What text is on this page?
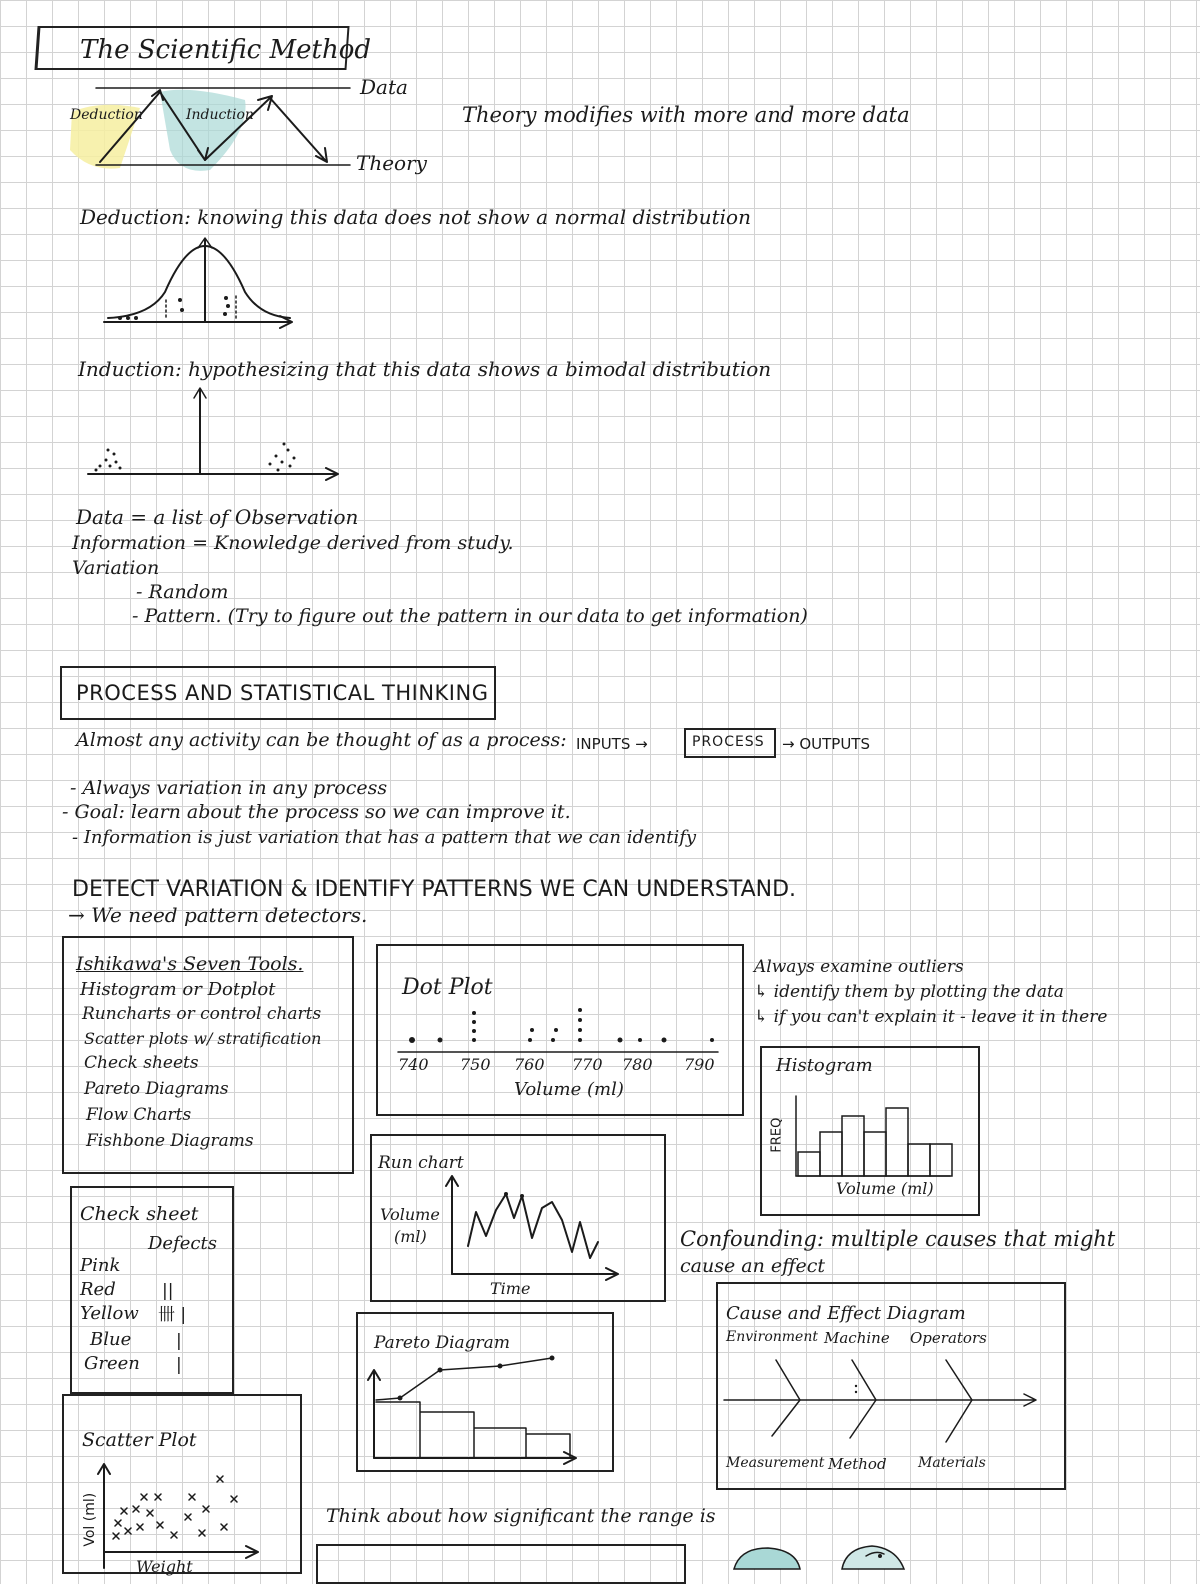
The Scientific Method
Data
Theory
Deduction	Induction	Theory modifies with more and more data
Deduction: knowing this data does not show a normal distribution
Induction: hypothesizing that this data shows a bimodal distribution
Data = a list of Observation
Information = Knowledge derived from study.
Variation
- Random
- Pattern. (Try to figure out the pattern in our data to get information)
PROCESS AND STATISTICAL THINKING
Almost any activity can be thought of as a process: INPUTS →	PROCESS → OUTPUTS
- Always variation in any process
- Goal: learn about the process so we can improve it.
- Information is just variation that has a pattern that we can identify
DETECT VARIATION & IDENTIFY PATTERNS WE CAN UNDERSTAND.
→ We need pattern detectors.
Ishikawa's Seven Tools.
Histogram or Dotplot
Runcharts or control charts
Scatter plots w/ stratification
Check sheets
Pareto Diagrams
Flow Charts
Fishbone Diagrams
Dot Plot
740 750 760 770 780 790
Volume (ml)
Always examine outliers
↳ identify them by plotting the data
↳ if you can't explain it - leave it in there
Histogram
FREQ
Volume (ml)
Run chart
Volume
(ml)
Time
Check sheet
Defects
Pink
Red	||
Yellow 卌 |
Blue	|
Green |
Confounding: multiple causes that might
cause an effect
Pareto Diagram
Cause and Effect Diagram
Environment Machine Operators
Measurement Method Materials
Scatter Plot
Vol (ml)
Weight
Think about how significant the range is
